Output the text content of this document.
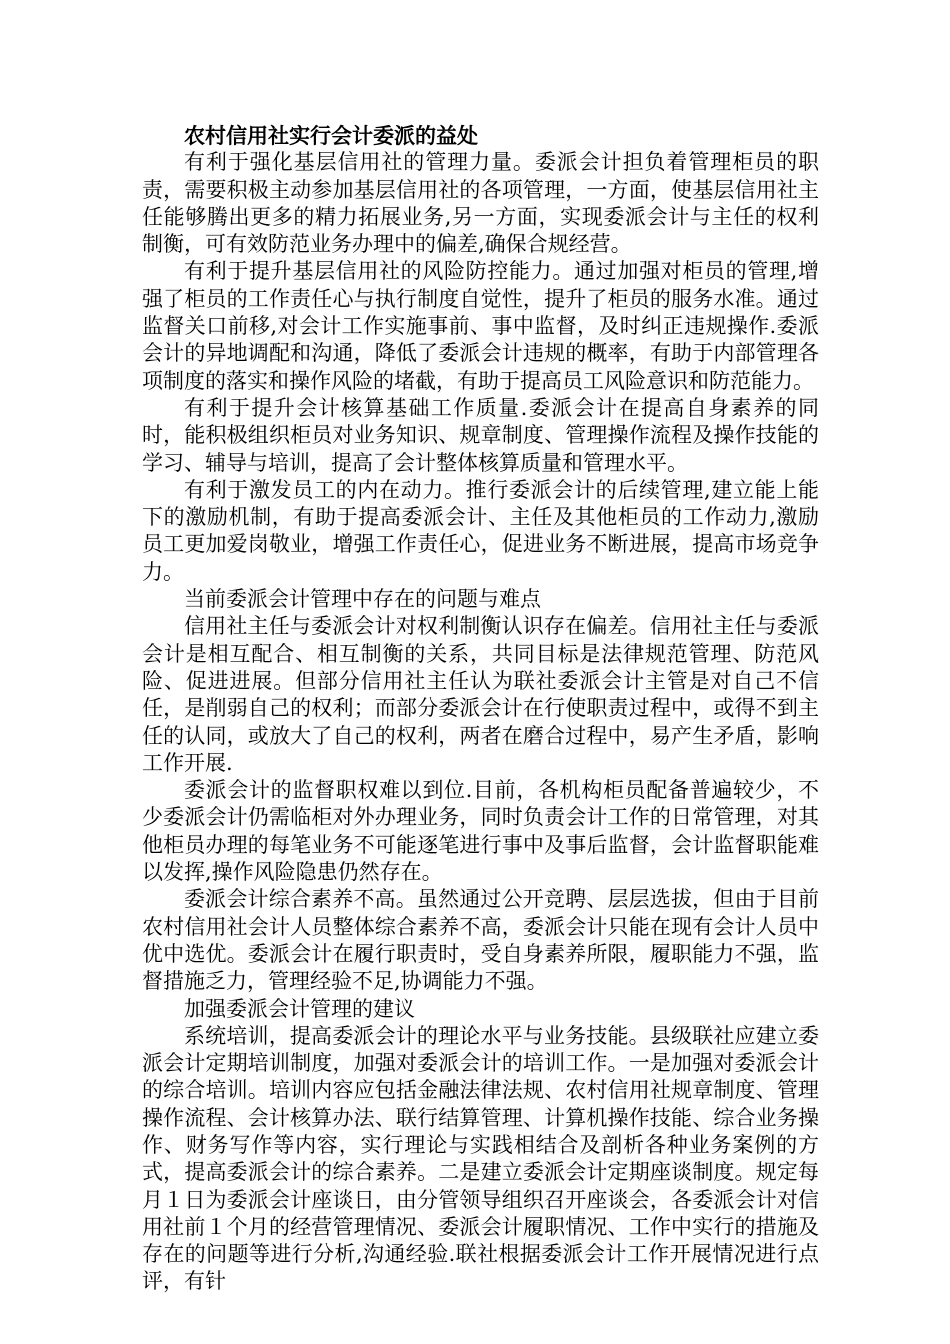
农村信用社实行会计委派的益处

有利于强化基层信用社的管理力量。委派会计担负着管理柜员的职责，需要积极主动参加基层信用社的各项管理，一方面，使基层信用社主任能够腾出更多的精力拓展业务,另一方面，实现委派会计与主任的权利制衡，可有效防范业务办理中的偏差,确保合规经营。

有利于提升基层信用社的风险防控能力。通过加强对柜员的管理,增强了柜员的工作责任心与执行制度自觉性，提升了柜员的服务水准。通过监督关口前移,对会计工作实施事前、事中监督，及时纠正违规操作.委派会计的异地调配和沟通，降低了委派会计违规的概率，有助于内部管理各项制度的落实和操作风险的堵截，有助于提高员工风险意识和防范能力。

有利于提升会计核算基础工作质量.委派会计在提高自身素养的同时，能积极组织柜员对业务知识、规章制度、管理操作流程及操作技能的学习、辅导与培训，提高了会计整体核算质量和管理水平。

有利于激发员工的内在动力。推行委派会计的后续管理,建立能上能下的激励机制，有助于提高委派会计、主任及其他柜员的工作动力,激励员工更加爱岗敬业，增强工作责任心，促进业务不断进展，提高市场竞争力。

当前委派会计管理中存在的问题与难点

信用社主任与委派会计对权利制衡认识存在偏差。信用社主任与委派会计是相互配合、相互制衡的关系，共同目标是法律规范管理、防范风险、促进进展。但部分信用社主任认为联社委派会计主管是对自己不信任，是削弱自己的权利；而部分委派会计在行使职责过程中，或得不到主任的认同，或放大了自己的权利，两者在磨合过程中，易产生矛盾，影响工作开展.

委派会计的监督职权难以到位.目前，各机构柜员配备普遍较少，不少委派会计仍需临柜对外办理业务，同时负责会计工作的日常管理，对其他柜员办理的每笔业务不可能逐笔进行事中及事后监督，会计监督职能难以发挥,操作风险隐患仍然存在。

委派会计综合素养不高。虽然通过公开竞聘、层层选拔，但由于目前农村信用社会计人员整体综合素养不高，委派会计只能在现有会计人员中优中选优。委派会计在履行职责时，受自身素养所限，履职能力不强，监督措施乏力，管理经验不足,协调能力不强。

加强委派会计管理的建议

系统培训，提高委派会计的理论水平与业务技能。县级联社应建立委派会计定期培训制度，加强对委派会计的培训工作。一是加强对委派会计的综合培训。培训内容应包括金融法律法规、农村信用社规章制度、管理操作流程、会计核算办法、联行结算管理、计算机操作技能、综合业务操作、财务写作等内容，实行理论与实践相结合及剖析各种业务案例的方式，提高委派会计的综合素养。二是建立委派会计定期座谈制度。规定每月１日为委派会计座谈日，由分管领导组织召开座谈会，各委派会计对信用社前１个月的经营管理情况、委派会计履职情况、工作中实行的措施及存在的问题等进行分析,沟通经验.联社根据委派会计工作开展情况进行点评，有针
